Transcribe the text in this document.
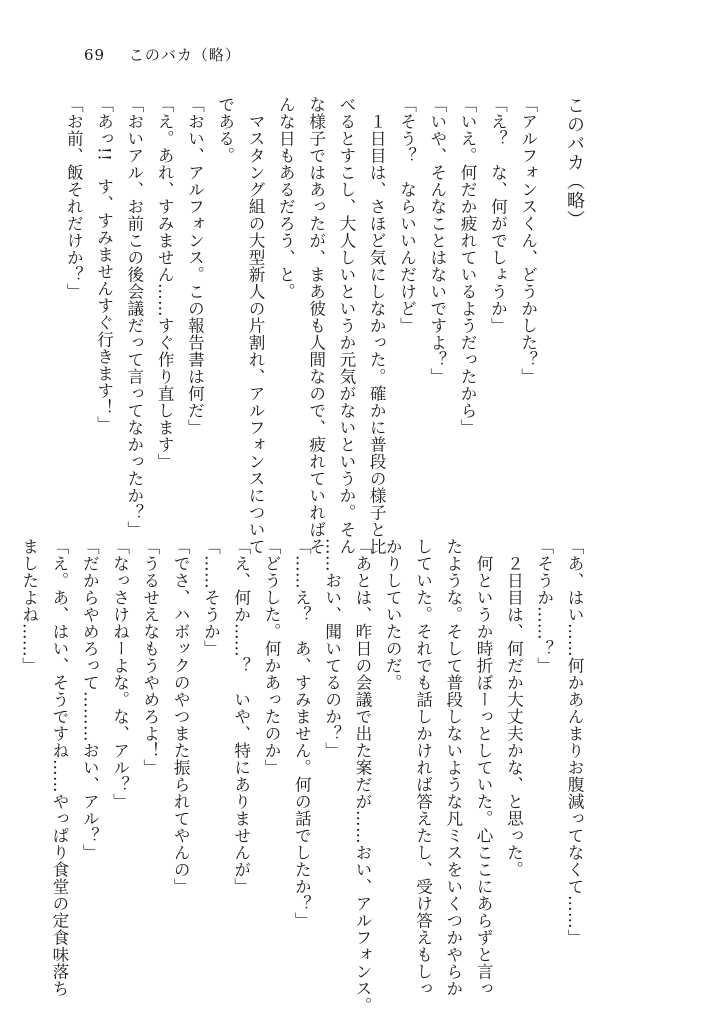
69 このバカ（略）
このバカ（略）
「アルフォンスくん、どうかした？」
「え？　な、何がでしょうか」
「いえ。何だか疲れているようだったから」
「いや、そんなことはないですよ？」
「そう？　ならいいんだけど」
　１日目は、さほど気にしなかった。確かに普段の様子と比
べるとすこし、大人しいというか元気がないというか。そん
な様子ではあったが、まあ彼も人間なので、疲れていればそ
んな日もあるだろう、と。
　マスタング組の大型新人の片割れ、アルフォンスについて
である。
「おい、アルフォンス。この報告書は何だ」
「え。あれ、すみません……すぐ作り直します」
「おいアル、お前この後会議だって言ってなかったか？」
「あっ!!　す、すみませんすぐ行きます！」
「お前、飯それだけか？」
「あ、はい……何かあんまりお腹減ってなくて……」
「そうか……？」
　２日目は、何だか大丈夫かな、と思った。
　何というか時折ぼーっとしていた。心ここにあらずと言っ
たような。そして普段しないような凡ミスをいくつかやらか
していた。それでも話しかければ答えたし、受け答えもしっ
かりしていたのだ。
「あとは、昨日の会議で出た案だが……おい、アルフォンス。
……おい、聞いてるのか？」
「……え？　あ、すみません。何の話でしたか？」
「どうした。何かあったのか」
「え、何か……？　いや、特にありませんが」
「……そうか」
「でさ、ハボックのやつまた振られてやんの」
「うるせえなもうやめろよ！」
「なっさけねーよな。な、アル？」
「だからやめろって………おい、アル？」
「え。あ、はい、そうですね……やっぱり食堂の定食味落ち
ましたよね……」
